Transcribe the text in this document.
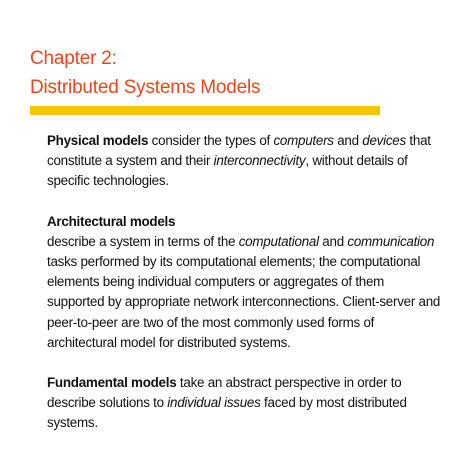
Chapter 2:
Distributed Systems Models

Physical models consider the types of computers and devices that constitute a system and their interconnectivity, without details of specific technologies.

Architectural models
describe a system in terms of the computational and communication tasks performed by its computational elements; the computational elements being individual computers or aggregates of them supported by appropriate network interconnections. Client-server and peer-to-peer are two of the most commonly used forms of architectural model for distributed systems.

Fundamental models take an abstract perspective in order to describe solutions to individual issues faced by most distributed systems.
